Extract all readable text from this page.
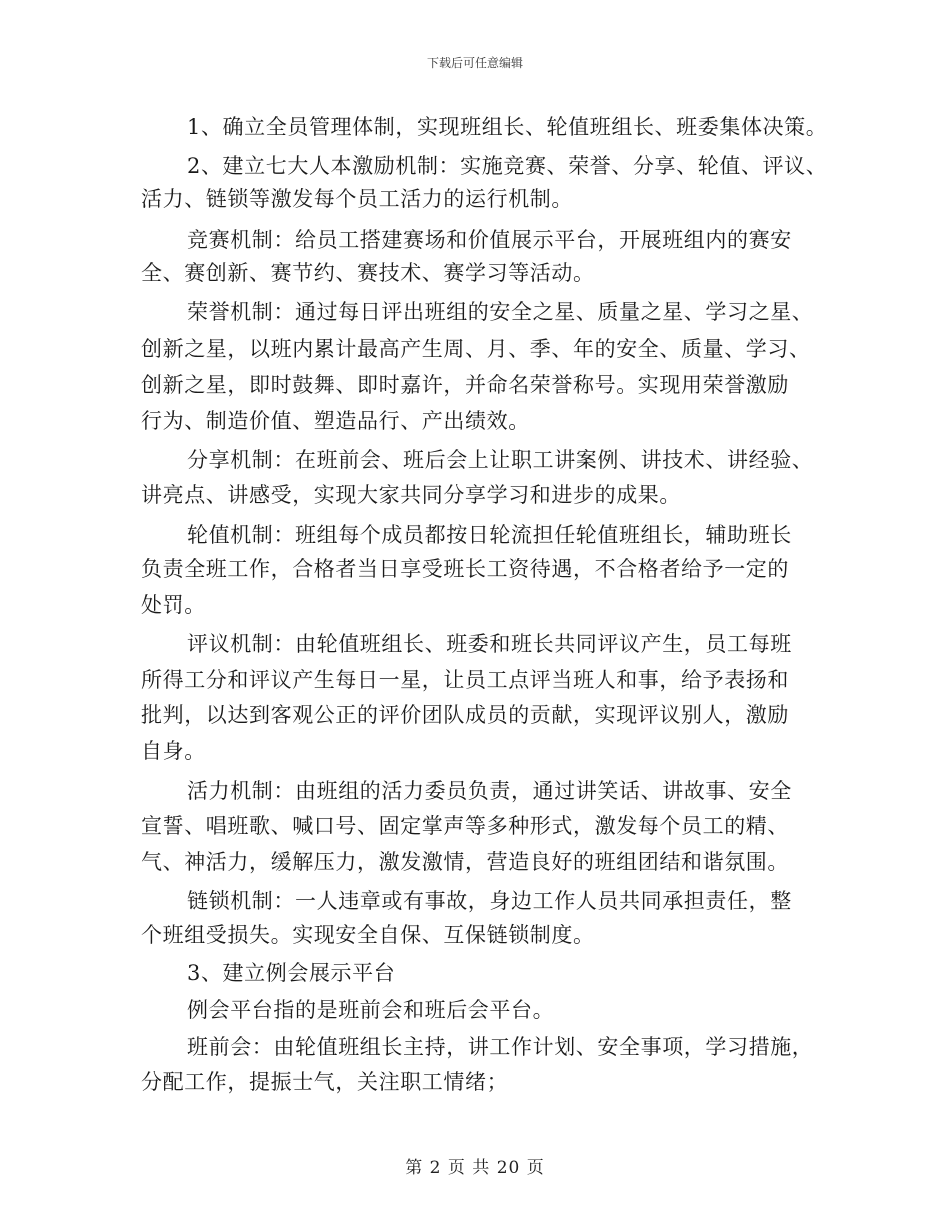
下载后可任意编辑
1、确立全员管理体制，实现班组长、轮值班组长、班委集体决策。
2、建立七大人本激励机制：实施竞赛、荣誉、分享、轮值、评议、
活力、链锁等激发每个员工活力的运行机制。
竞赛机制：给员工搭建赛场和价值展示平台，开展班组内的赛安
全、赛创新、赛节约、赛技术、赛学习等活动。
荣誉机制：通过每日评出班组的安全之星、质量之星、学习之星、
创新之星，以班内累计最高产生周、月、季、年的安全、质量、学习、
创新之星，即时鼓舞、即时嘉许，并命名荣誉称号。实现用荣誉激励
行为、制造价值、塑造品行、产出绩效。
分享机制：在班前会、班后会上让职工讲案例、讲技术、讲经验、
讲亮点、讲感受，实现大家共同分享学习和进步的成果。
轮值机制：班组每个成员都按日轮流担任轮值班组长，辅助班长
负责全班工作，合格者当日享受班长工资待遇，不合格者给予一定的
处罚。
评议机制：由轮值班组长、班委和班长共同评议产生，员工每班
所得工分和评议产生每日一星，让员工点评当班人和事，给予表扬和
批判，以达到客观公正的评价团队成员的贡献，实现评议别人，激励
自身。
活力机制：由班组的活力委员负责，通过讲笑话、讲故事、安全
宣誓、唱班歌、喊口号、固定掌声等多种形式，激发每个员工的精、
气、神活力，缓解压力，激发激情，营造良好的班组团结和谐氛围。
链锁机制：一人违章或有事故，身边工作人员共同承担责任，整
个班组受损失。实现安全自保、互保链锁制度。
3、建立例会展示平台
例会平台指的是班前会和班后会平台。
班前会：由轮值班组长主持，讲工作计划、安全事项，学习措施，
分配工作，提振士气，关注职工情绪；
第 2 页 共 20 页
